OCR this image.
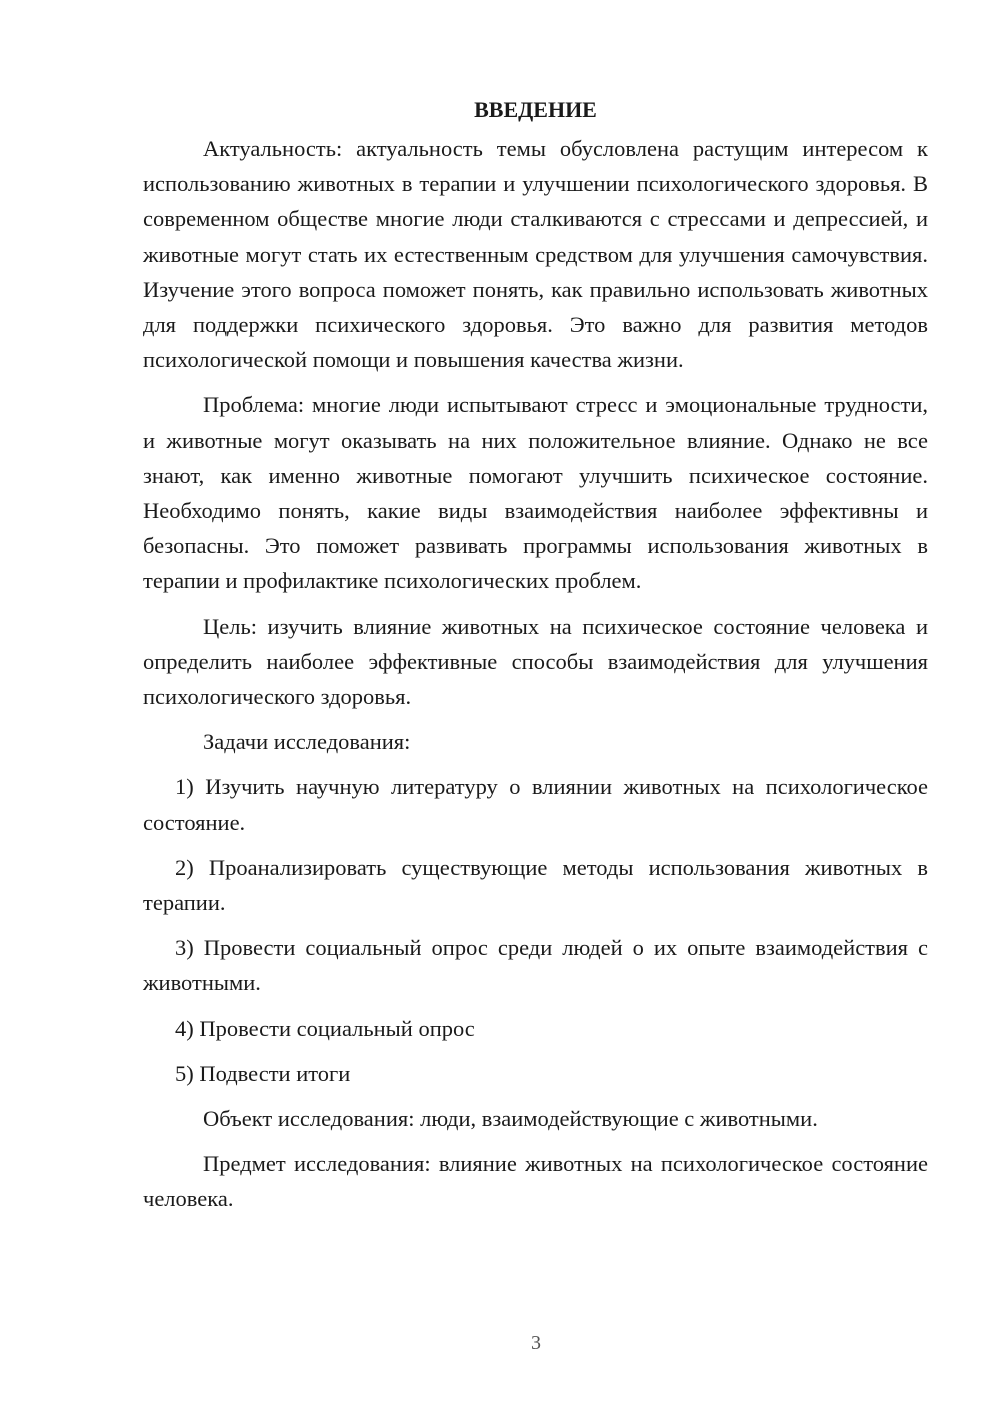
ВВЕДЕНИЕ

Актуальность: актуальность темы обусловлена растущим интересом к использованию животных в терапии и улучшении психологического здоровья. В современном обществе многие люди сталкиваются с стрессами и депрессией, и животные могут стать их естественным средством для улучшения самочувствия. Изучение этого вопроса поможет понять, как правильно использовать животных для поддержки психического здоровья. Это важно для развития методов психологической помощи и повышения качества жизни.

Проблема: многие люди испытывают стресс и эмоциональные трудности, и животные могут оказывать на них положительное влияние. Однако не все знают, как именно животные помогают улучшить психическое состояние. Необходимо понять, какие виды взаимодействия наиболее эффективны и безопасны. Это поможет развивать программы использования животных в терапии и профилактике психологических проблем.

Цель: изучить влияние животных на психическое состояние человека и определить наиболее эффективные способы взаимодействия для улучшения психологического здоровья.

Задачи исследования:

1) Изучить научную литературу о влиянии животных на психологическое состояние.

2) Проанализировать существующие методы использования животных в терапии.

3) Провести социальный опрос среди людей о их опыте взаимодействия с животными.

4) Провести социальный опрос

5) Подвести итоги

Объект исследования: люди, взаимодействующие с животными.

Предмет исследования: влияние животных на психологическое состояние человека.

3
